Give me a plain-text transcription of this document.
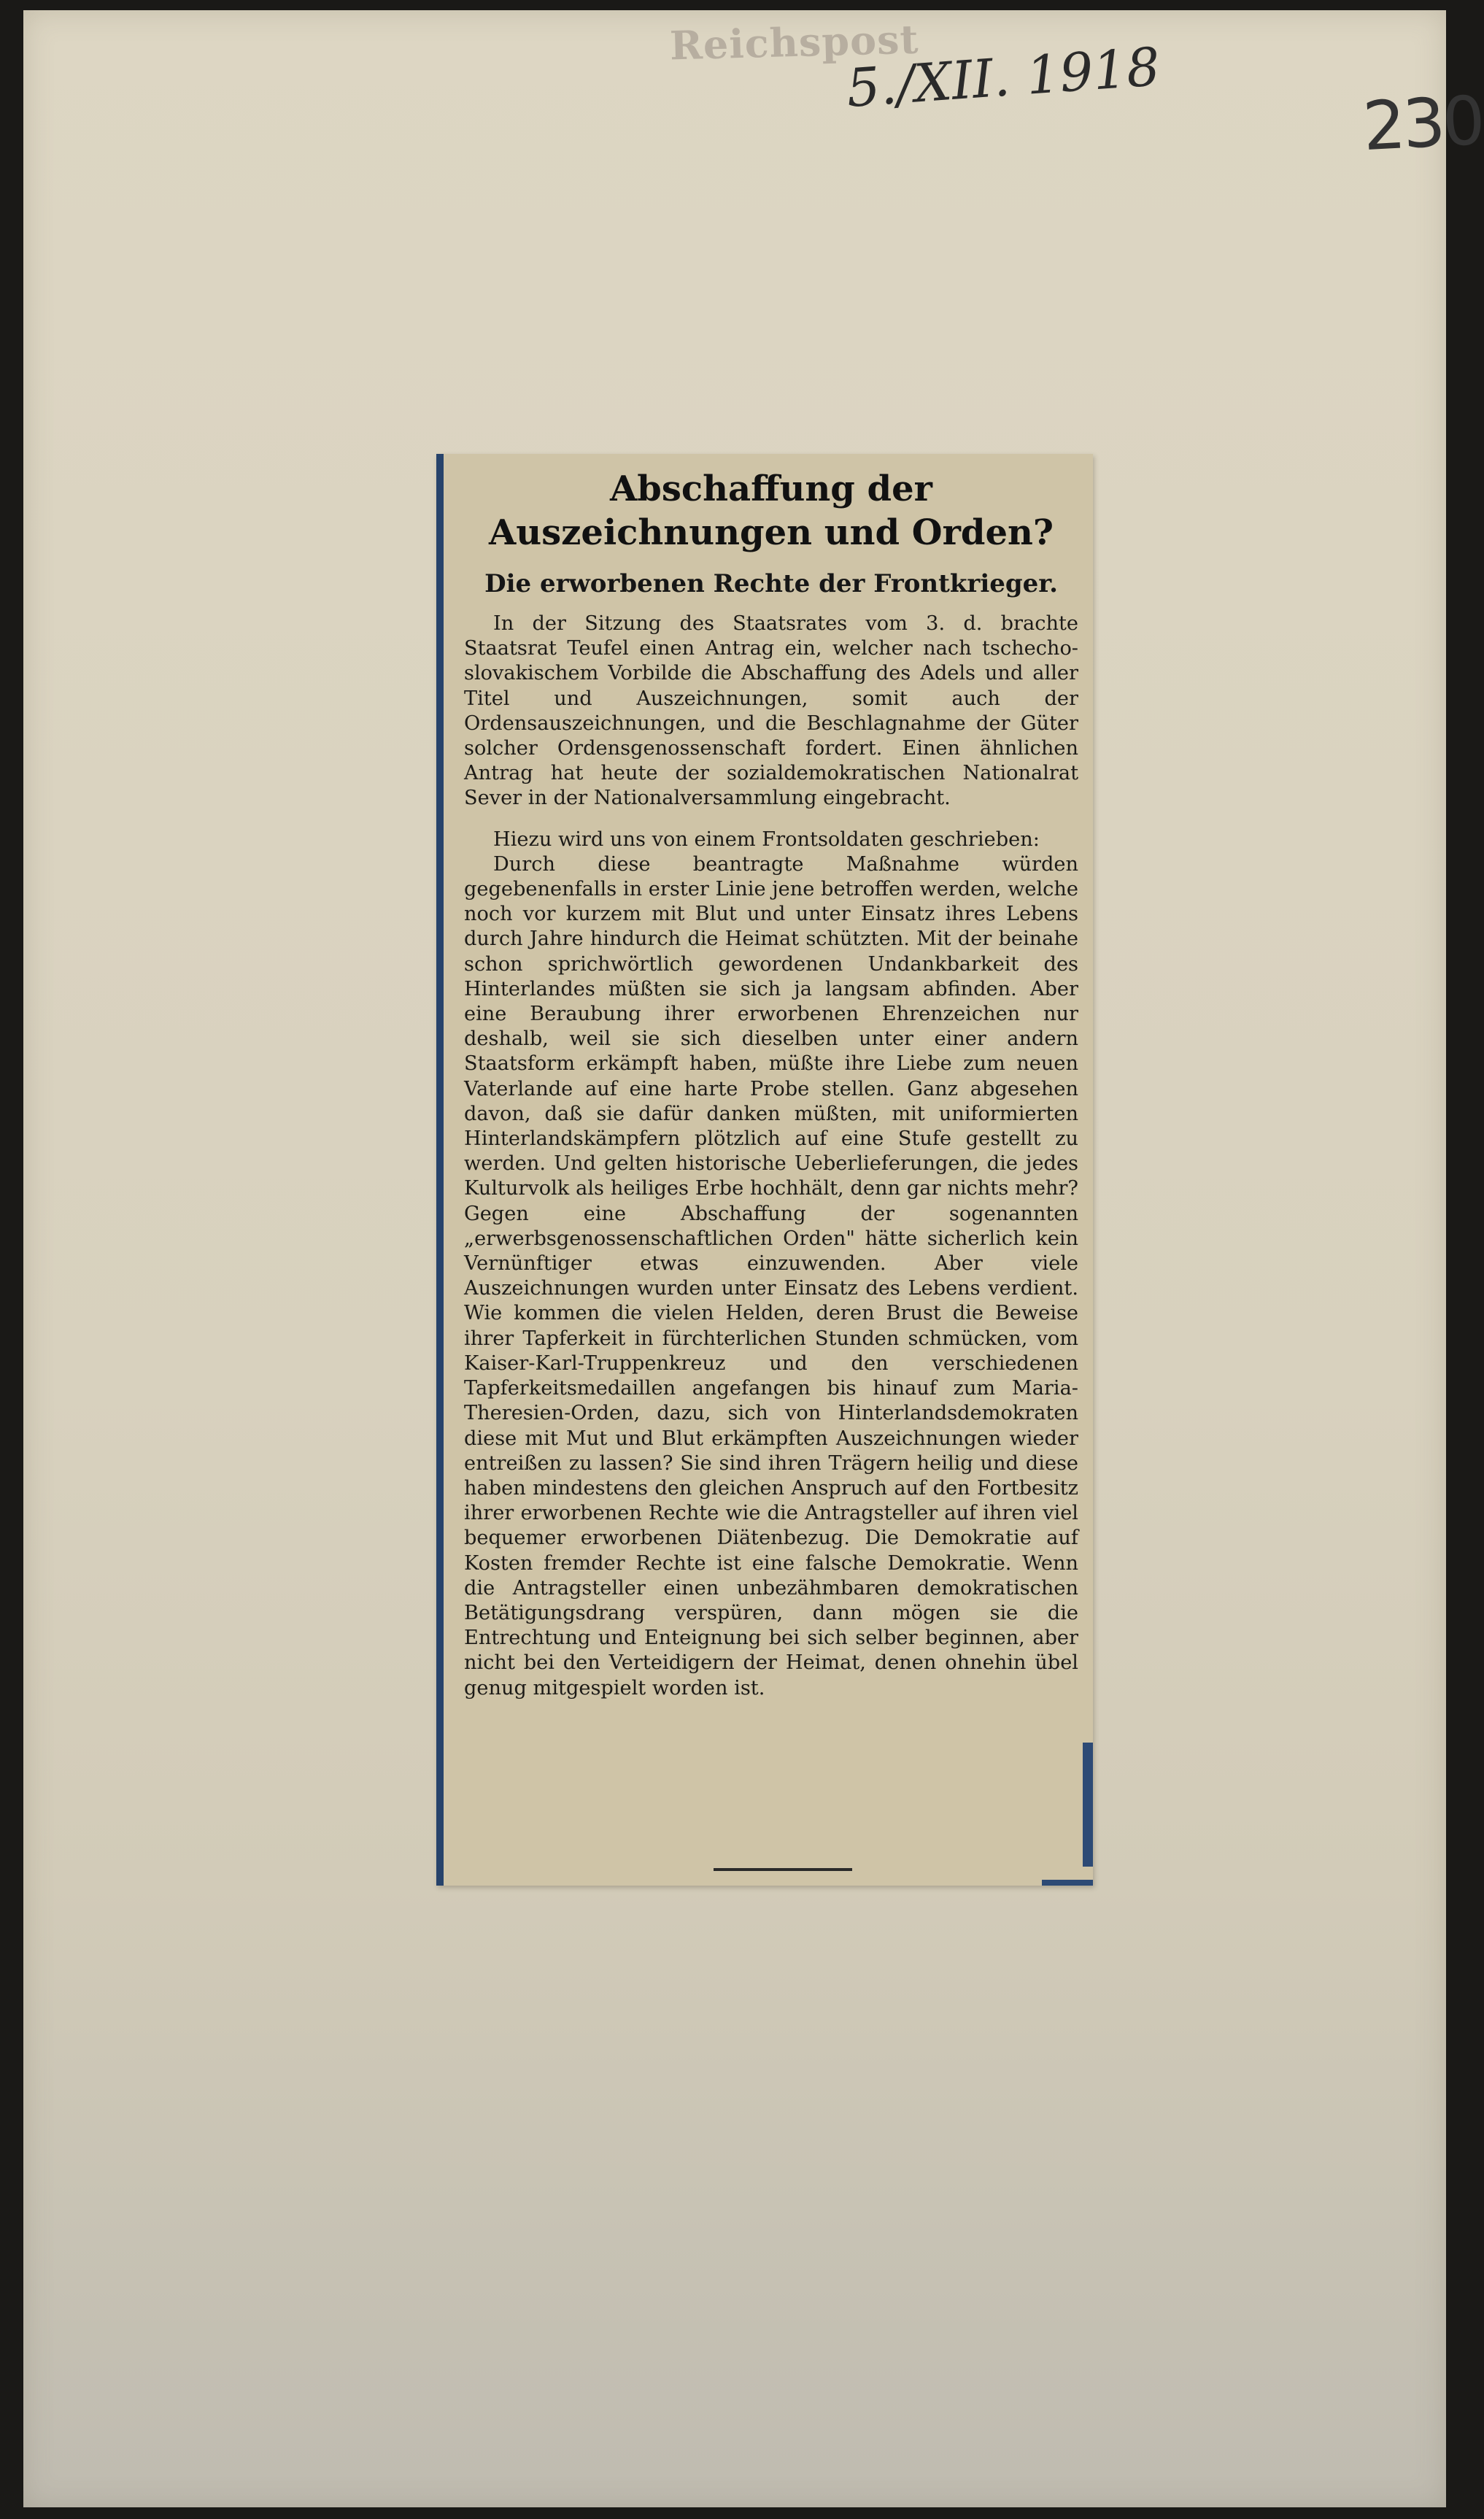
Reichspost
5./XII. 1918
230
Abschaffung der Auszeichnungen und Orden?
Die erworbenen Rechte der Frontkrieger.

In der Sitzung des Staatsrates vom 3. d. brachte Staatsrat Teufel einen Antrag ein, welcher nach tschecho-slovakischem Vorbilde die Abschaffung des Adels und aller Titel und Auszeichnungen, somit auch der Ordensauszeichnungen, und die Beschlagnahme der Güter solcher Ordensgenossenschaft fordert. Einen ähnlichen Antrag hat heute der sozialdemokratischen Nationalrat Sever in der Nationalversammlung eingebracht.

Hiezu wird uns von einem Frontsoldaten geschrieben:

Durch diese beantragte Maßnahme würden gegebenenfalls in erster Linie jene betroffen werden, welche noch vor kurzem mit Blut und unter Einsatz ihres Lebens durch Jahre hindurch die Heimat schützten. Mit der beinahe schon sprichwörtlich gewordenen Undankbarkeit des Hinterlandes müßten sie sich ja langsam abfinden. Aber eine Beraubung ihrer erworbenen Ehrenzeichen nur deshalb, weil sie sich dieselben unter einer andern Staatsform erkämpft haben, müßte ihre Liebe zum neuen Vaterlande auf eine harte Probe stellen. Ganz abgesehen davon, daß sie dafür danken müßten, mit uniformierten Hinterlandskämpfern plötzlich auf eine Stufe gestellt zu werden. Und gelten historische Ueberlieferungen, die jedes Kulturvolk als heiliges Erbe hochhält, denn gar nichts mehr? Gegen eine Abschaffung der sogenannten „erwerbsgenossenschaftlichen Orden" hätte sicherlich kein Vernünftiger etwas einzuwenden. Aber viele Auszeichnungen wurden unter Einsatz des Lebens verdient. Wie kommen die vielen Helden, deren Brust die Beweise ihrer Tapferkeit in fürchterlichen Stunden schmücken, vom Kaiser-Karl-Truppenkreuz und den verschiedenen Tapferkeitsmedaillen angefangen bis hinauf zum Maria-Theresien-Orden, dazu, sich von Hinterlandsdemokraten diese mit Mut und Blut erkämpften Auszeichnungen wieder entreißen zu lassen? Sie sind ihren Trägern heilig und diese haben mindestens den gleichen Anspruch auf den Fortbesitz ihrer erworbenen Rechte wie die Antragsteller auf ihren viel bequemer erworbenen Diätenbezug. Die Demokratie auf Kosten fremder Rechte ist eine falsche Demokratie. Wenn die Antragsteller einen unbezähmbaren demokratischen Betätigungsdrang verspüren, dann mögen sie die Entrechtung und Enteignung bei sich selber beginnen, aber nicht bei den Verteidigern der Heimat, denen ohnehin übel genug mitgespielt worden ist.
